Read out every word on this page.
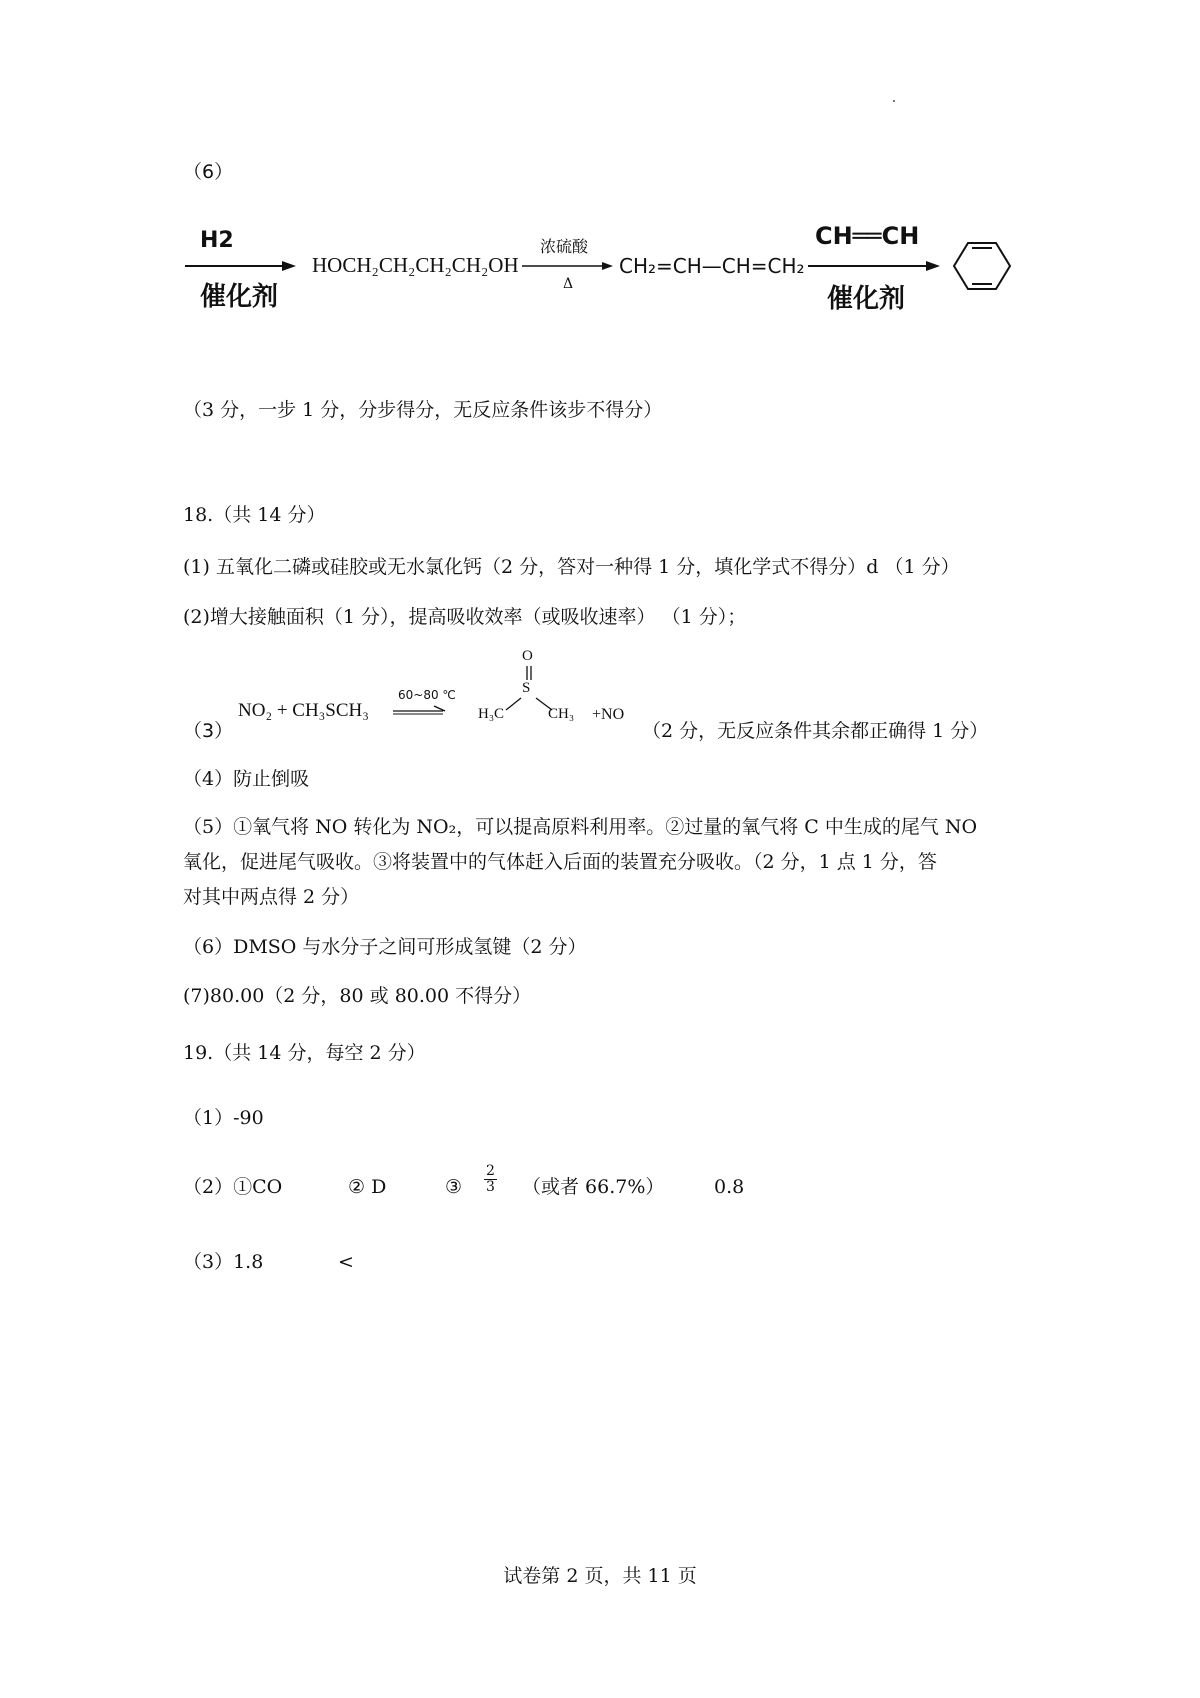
（6）
H2
催化剂
HOCH₂CH₂CH₂CH₂OH
浓硫酸
Δ
CH₂=CH—CH=CH₂
CH══CH
催化剂
（3 分，一步 1 分，分步得分，无反应条件该步不得分）
18.（共 14 分）
(1) 五氧化二磷或硅胶或无水氯化钙（2 分，答对一种得 1 分，填化学式不得分）d （1 分）
(2)增大接触面积（1 分），提高吸收效率（或吸收速率） （1 分）；
（3）
NO₂ + CH₃SCH₃
60~80 ℃
O
S
H₃C	CH₃ +NO
（2 分，无反应条件其余都正确得 1 分）
（4）防止倒吸
（5）①氧气将 NO 转化为 NO₂，可以提高原料利用率。②过量的氧气将 C 中生成的尾气 NO
氧化，促进尾气吸收。③将装置中的气体赶入后面的装置充分吸收。（2 分，1 点 1 分，答
对其中两点得 2 分）
（6）DMSO 与水分子之间可形成氢键（2 分）
(7)80.00（2 分，80 或 80.00 不得分）
19.（共 14 分，每空 2 分）
（1）-90
（2）①CO	② D	③ $\frac{2}{3}$ （或者 66.7%）	0.8
（3）1.8	<
试卷第 2 页，共 11 页
